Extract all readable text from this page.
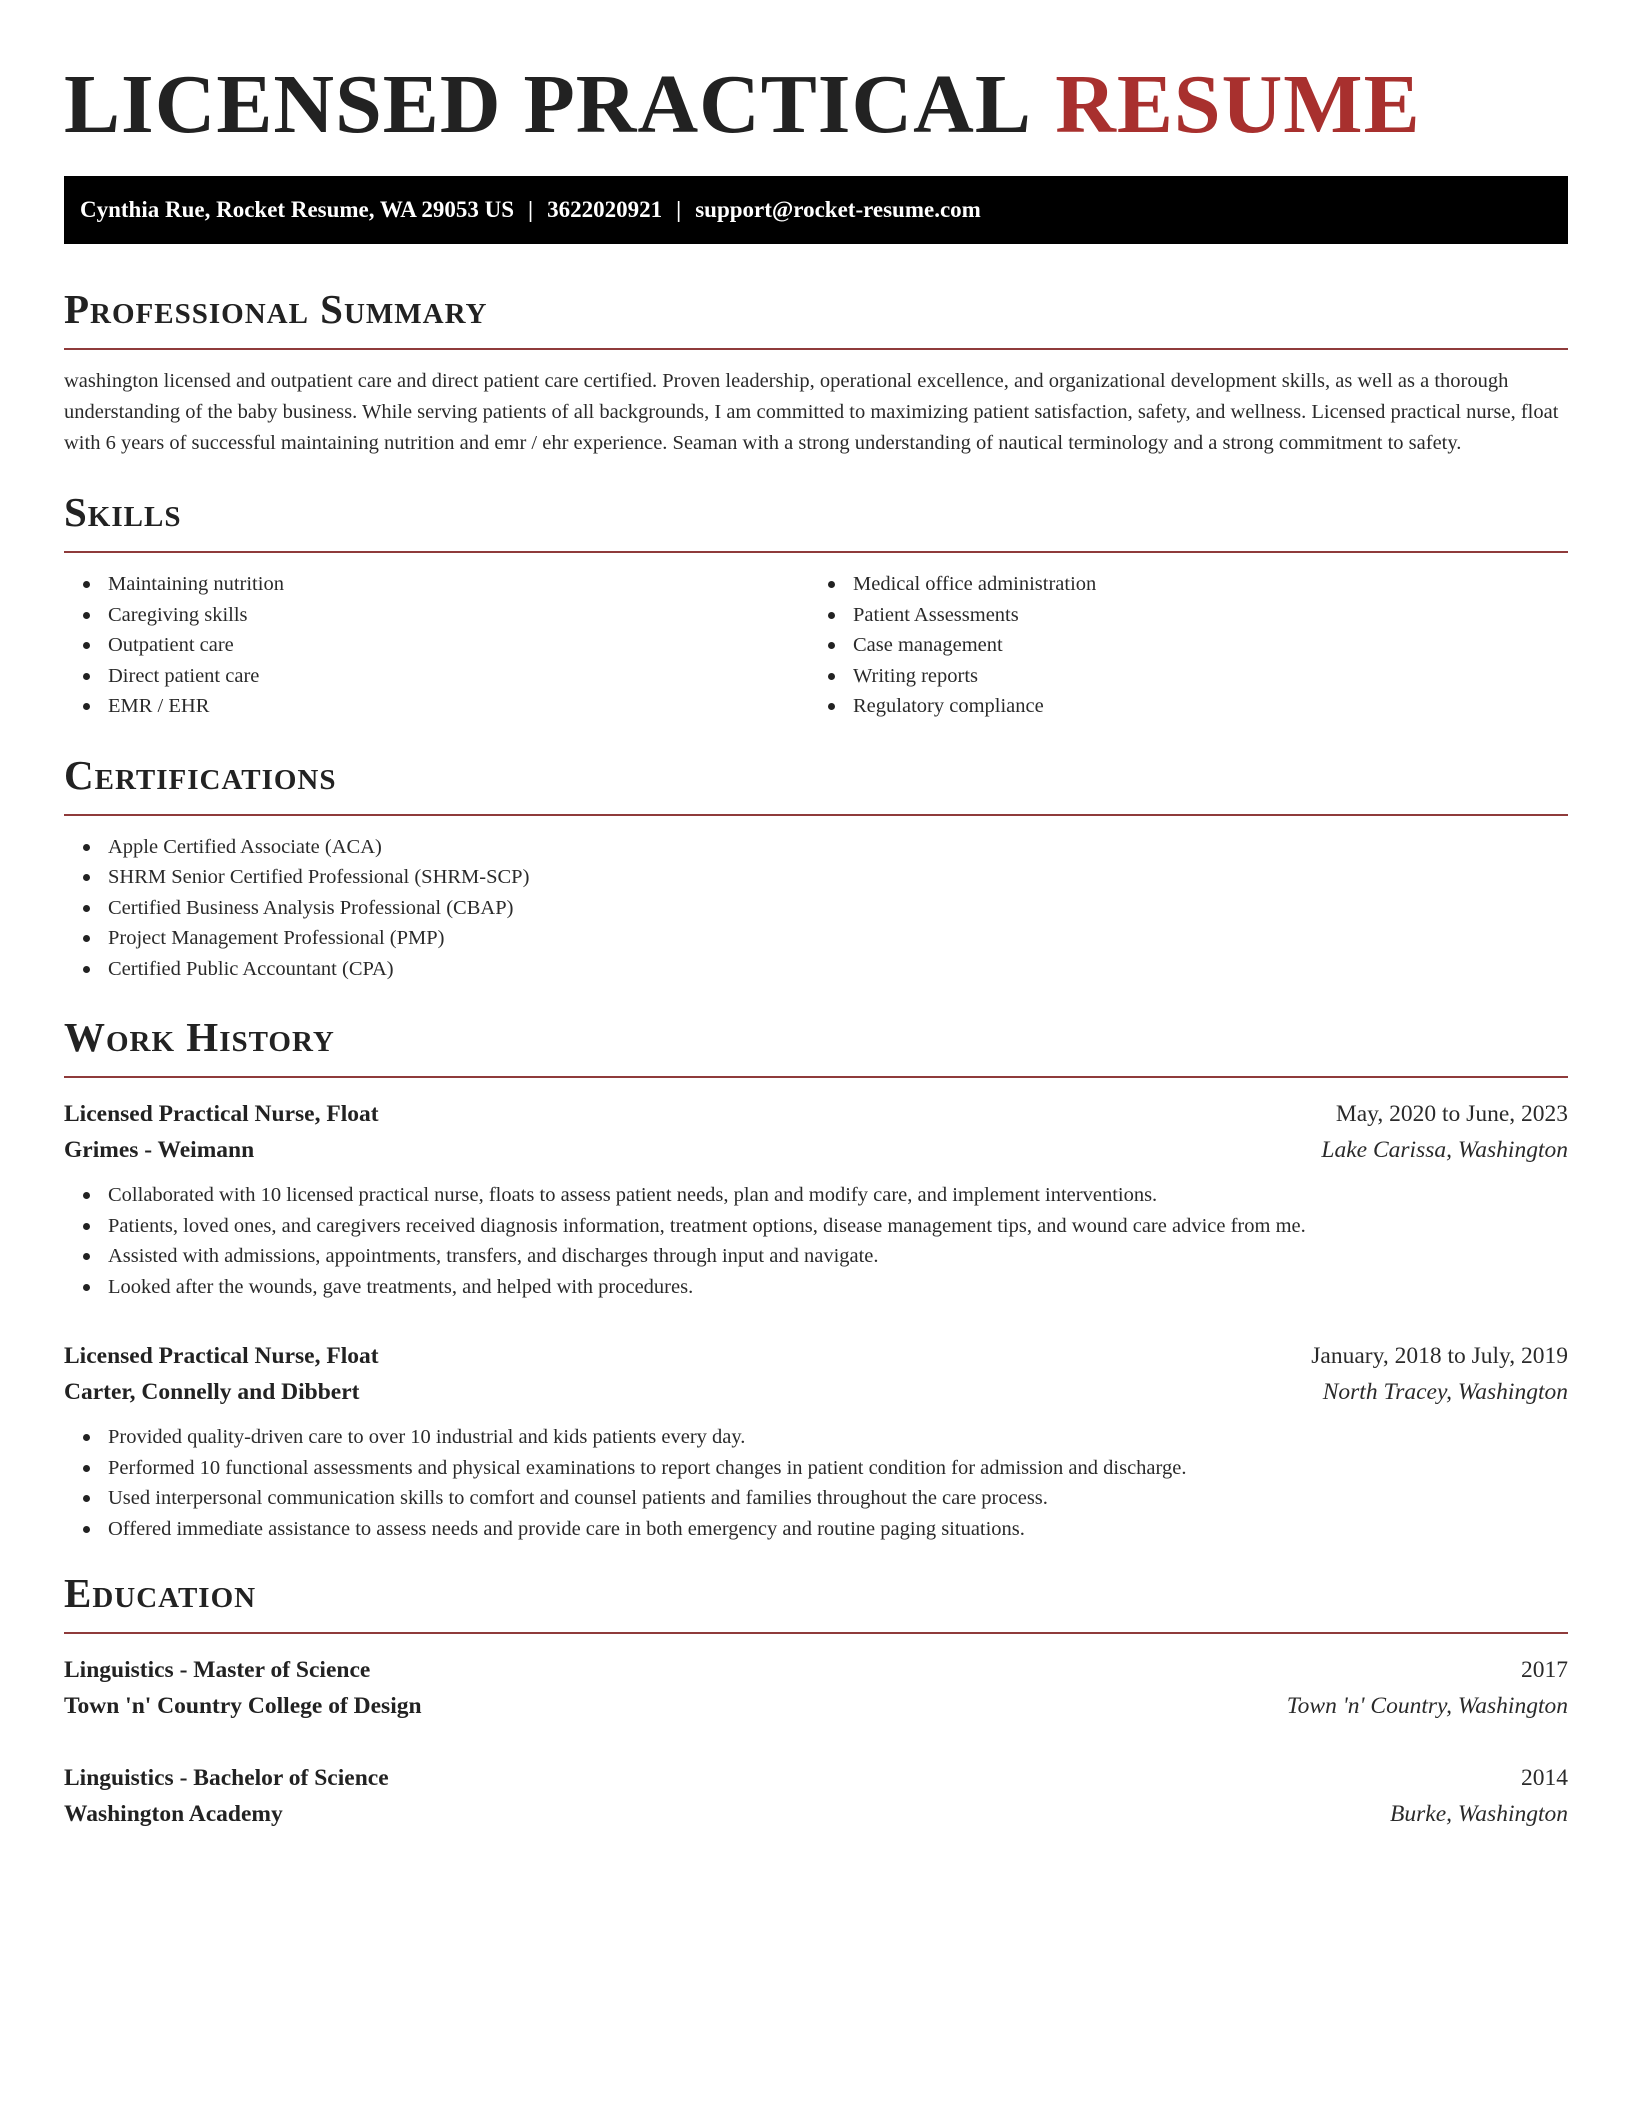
LICENSED PRACTICAL RESUME
Cynthia Rue, Rocket Resume, WA 29053 US | 3622020921 | support@rocket-resume.com
Professional Summary

washington licensed and outpatient care and direct patient care certified. Proven leadership, operational excellence, and organizational development skills, as well as a thorough understanding of the baby business. While serving patients of all backgrounds, I am committed to maximizing patient satisfaction, safety, and wellness. Licensed practical nurse, float with 6 years of successful maintaining nutrition and emr / ehr experience. Seaman with a strong understanding of nautical terminology and a strong commitment to safety.

Skills
Maintaining nutrition
Caregiving skills
Outpatient care
Direct patient care
EMR / EHR
Medical office administration
Patient Assessments
Case management
Writing reports
Regulatory compliance
Certifications
Apple Certified Associate (ACA)
SHRM Senior Certified Professional (SHRM-SCP)
Certified Business Analysis Professional (CBAP)
Project Management Professional (PMP)
Certified Public Accountant (CPA)
Work History
Licensed Practical Nurse, Float	May, 2020 to June, 2023
Grimes - Weimann	Lake Carissa, Washington
Collaborated with 10 licensed practical nurse, floats to assess patient needs, plan and modify care, and implement interventions.
Patients, loved ones, and caregivers received diagnosis information, treatment options, disease management tips, and wound care advice from me.
Assisted with admissions, appointments, transfers, and discharges through input and navigate.
Looked after the wounds, gave treatments, and helped with procedures.
Licensed Practical Nurse, Float	January, 2018 to July, 2019
Carter, Connelly and Dibbert	North Tracey, Washington
Provided quality-driven care to over 10 industrial and kids patients every day.
Performed 10 functional assessments and physical examinations to report changes in patient condition for admission and discharge.
Used interpersonal communication skills to comfort and counsel patients and families throughout the care process.
Offered immediate assistance to assess needs and provide care in both emergency and routine paging situations.
Education
Linguistics - Master of Science	2017
Town 'n' Country College of Design	Town 'n' Country, Washington
Linguistics - Bachelor of Science	2014
Washington Academy	Burke, Washington
